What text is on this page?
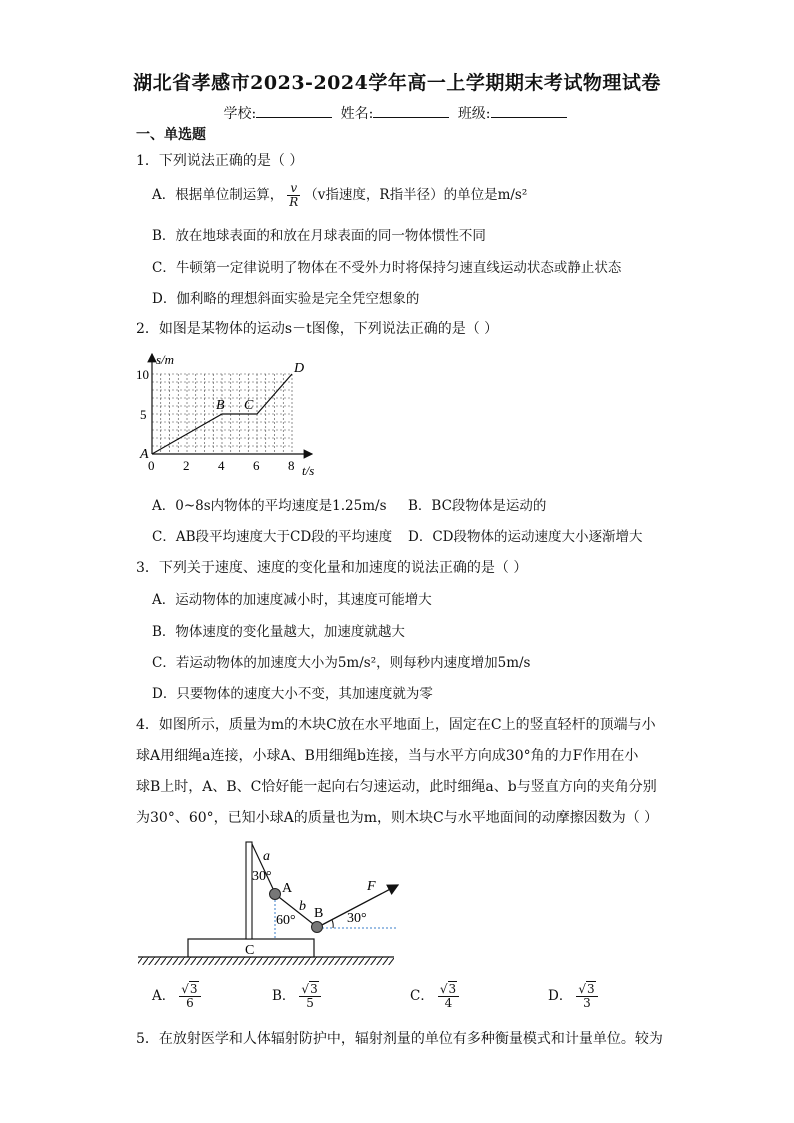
湖北省孝感市2023-2024学年高一上学期期末考试物理试卷
学校:	姓名:	班级:
一、单选题
1．下列说法正确的是（ ）
A．根据单位制运算， $\frac{v}{R} (v$指速度，R指半径）的单位是m/s²
B．放在地球表面的和放在月球表面的同一物体惯性不同
C．牛顿第一定律说明了物体在不受外力时将保持匀速直线运动状态或静止状态
D．伽利略的理想斜面实验是完全凭空想象的
2．如图是某物体的运动s－t图像，下列说法正确的是（ ）
s/m
t/s
0 2 4 6 8
5
10
A
B C
D
A．0~8s内物体的平均速度是1.25m/s B．BC段物体是运动的
C．AB段平均速度大于CD段的平均速度 D．CD段物体的运动速度大小逐渐增大
3．下列关于速度、速度的变化量和加速度的说法正确的是（ ）
A．运动物体的加速度减小时，其速度可能增大
B．物体速度的变化量越大，加速度就越大
C．若运动物体的加速度大小为5m/s²，则每秒内速度增加5m/s
D．只要物体的速度大小不变，其加速度就为零
4．如图所示，质量为m的木块C放在水平地面上，固定在C上的竖直轻杆的顶端与小
球A用细绳a连接，小球A、B用细绳b连接，当与水平方向成30°角的力F作用在小
球B上时，A、B、C恰好能一起向右匀速运动，此时细绳a、b与竖直方向的夹角分别
为30°、60°，已知小球A的质量也为m，则木块C与水平地面间的动摩擦因数为（ ）
C
a
30°
A
b
60° B
F
30°
A． $\frac{√3}{6}$	B． $\frac{√3}{5}$	C． $\frac{√3}{4}$	D． $\frac{√3}{3}$
5．在放射医学和人体辐射防护中，辐射剂量的单位有多种衡量模式和计量单位。较为
